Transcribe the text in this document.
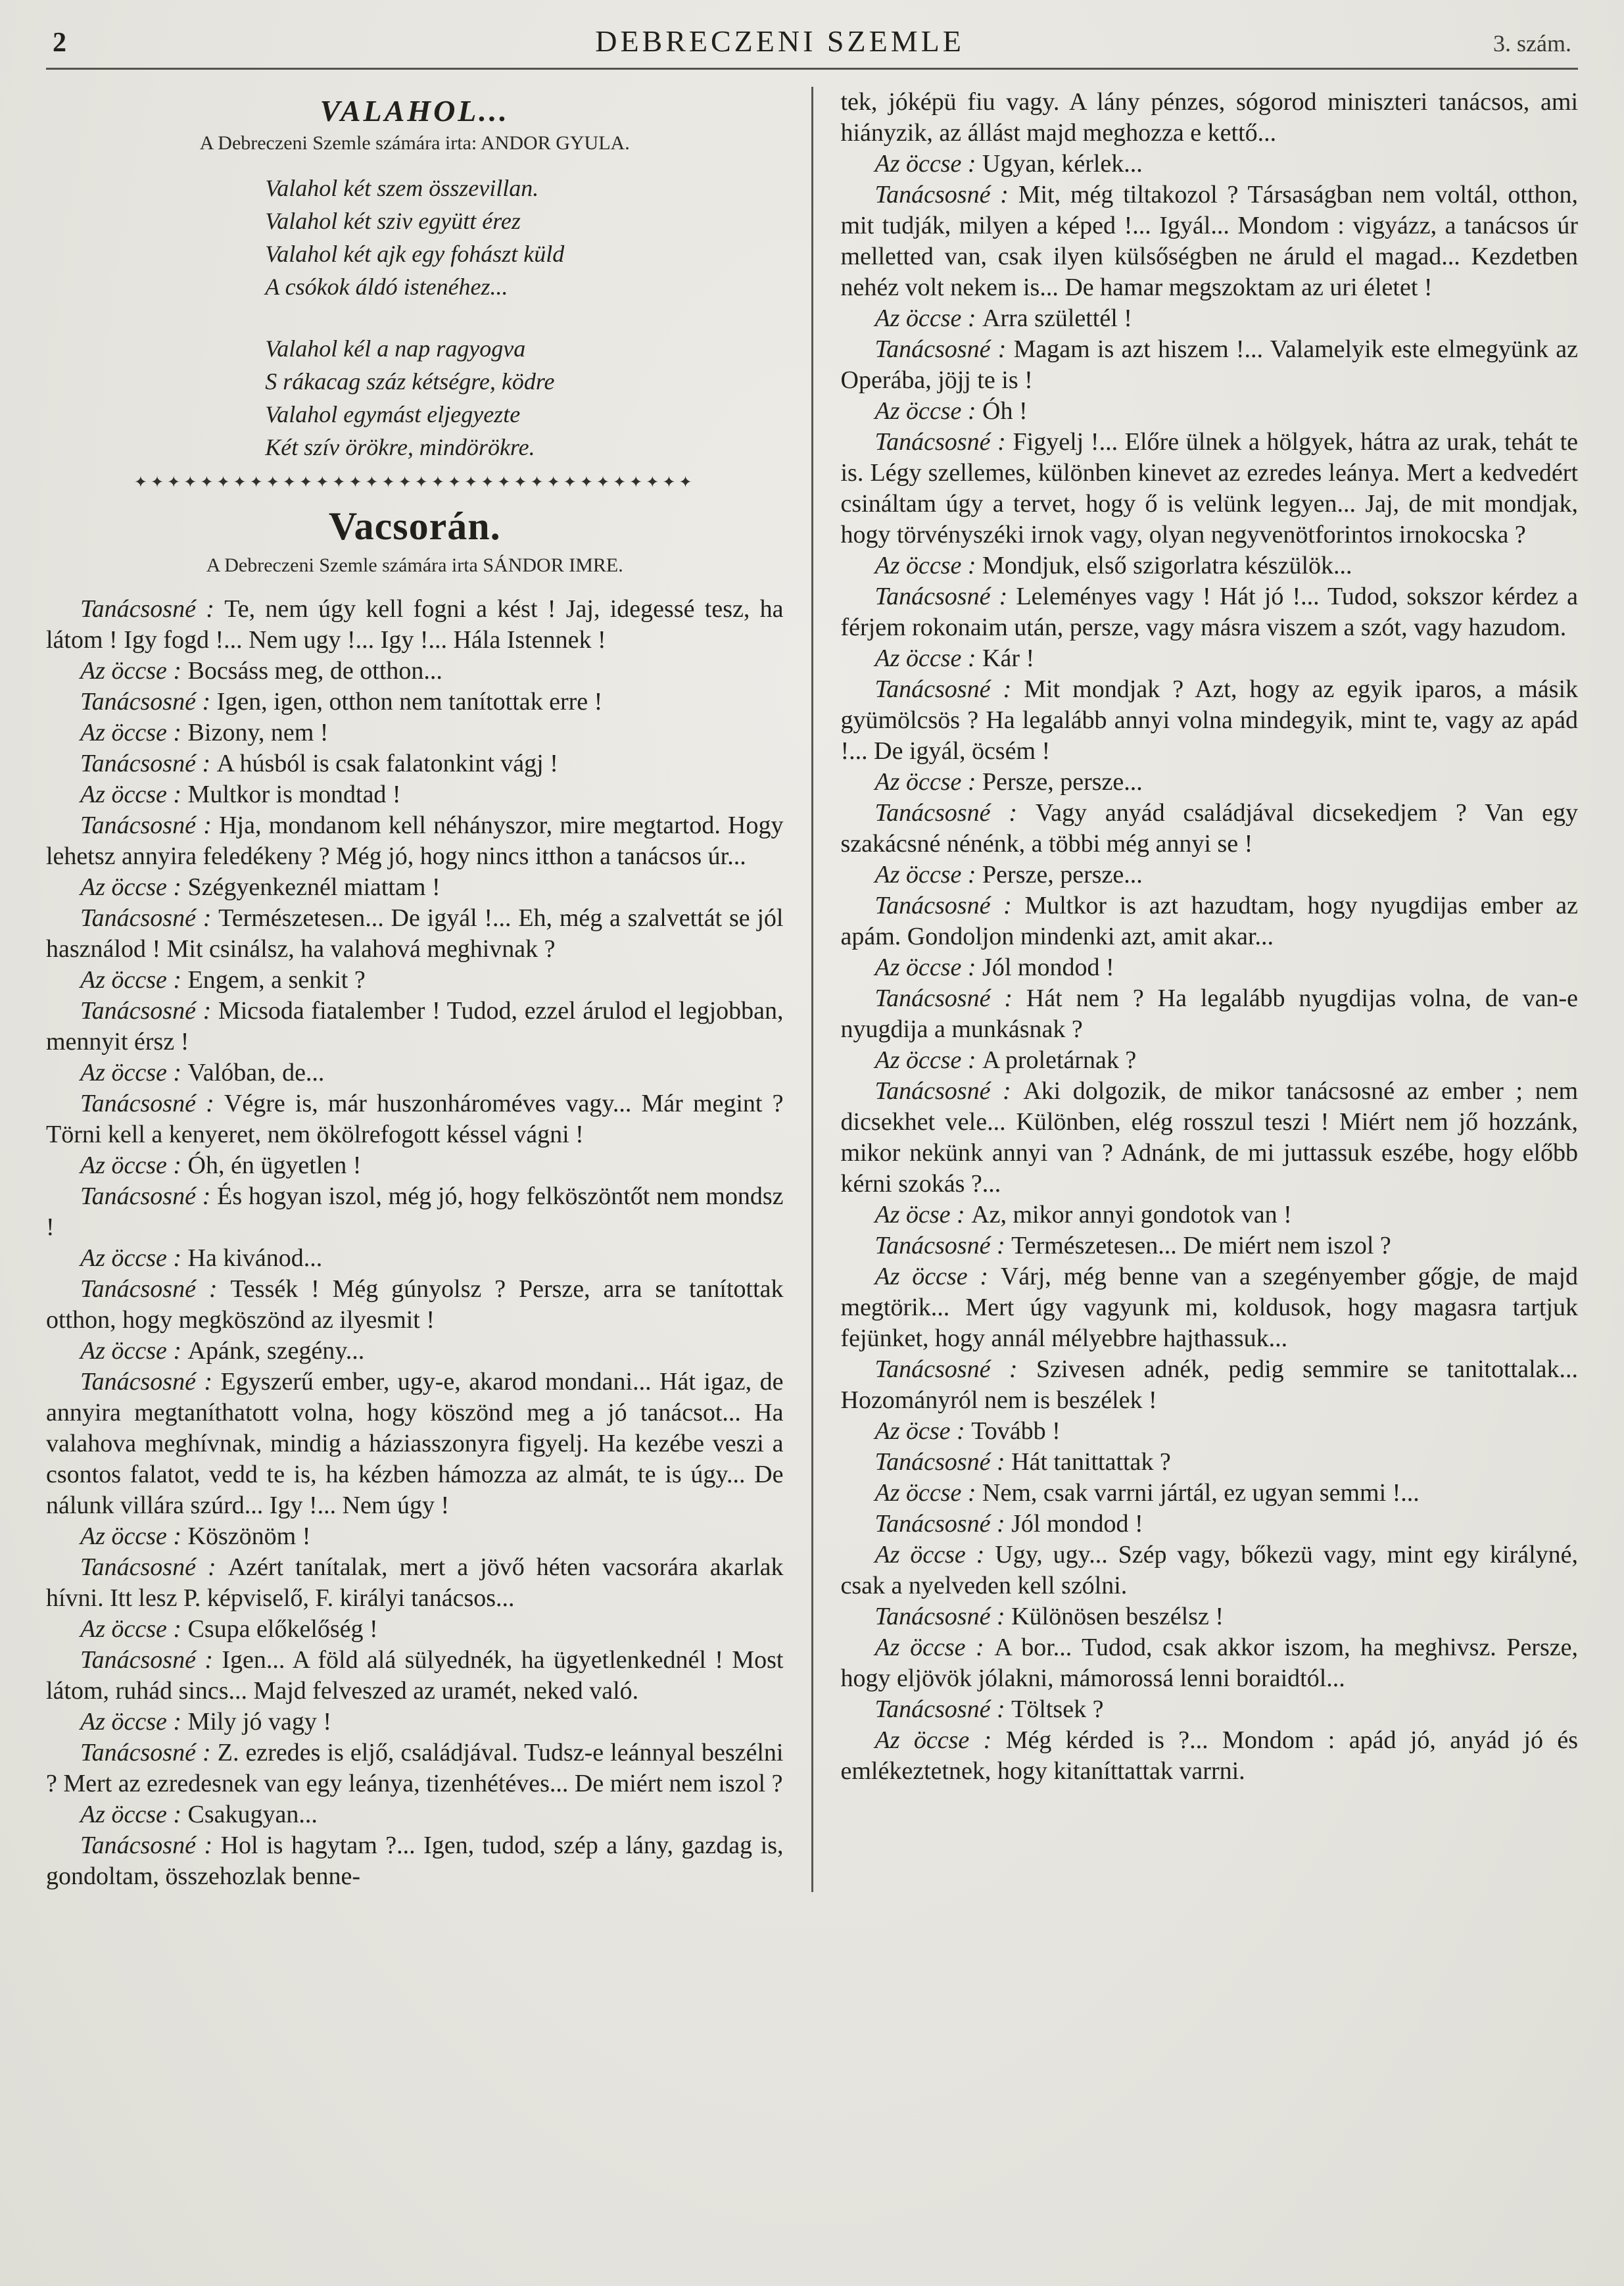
2	DEBRECZENI SZEMLE	3. szám.
VALAHOL...

A Debreczeni Szemle számára irta: ANDOR GYULA.

Valahol két szem összevillan.
Valahol két sziv együtt érez
Valahol két ajk egy fohászt küld
A csókok áldó istenéhez...
Valahol kél a nap ragyogva
S rákacag száz kétségre, ködre
Valahol egymást eljegyezte
Két szív örökre, mindörökre.
✦✦✦✦✦✦✦✦✦✦✦✦✦✦✦✦✦✦✦✦✦✦✦✦✦✦✦✦✦✦✦✦✦✦
Vacsorán.

A Debreczeni Szemle számára irta SÁNDOR IMRE.

Tanácsosné : Te, nem úgy kell fogni a kést ! Jaj, idegessé tesz, ha látom ! Igy fogd !... Nem ugy !... Igy !... Hála Istennek !

Az öccse : Bocsáss meg, de otthon...

Tanácsosné : Igen, igen, otthon nem tanítottak erre !

Az öccse : Bizony, nem !

Tanácsosné : A húsból is csak falatonkint vágj !

Az öccse : Multkor is mondtad !

Tanácsosné : Hja, mondanom kell néhányszor, mire megtartod. Hogy lehetsz annyira feledékeny ? Még jó, hogy nincs itthon a tanácsos úr...

Az öccse : Szégyenkeznél miattam !

Tanácsosné : Természetesen... De igyál !... Eh, még a szalvettát se jól használod ! Mit csinálsz, ha valahová meghivnak ?

Az öccse : Engem, a senkit ?

Tanácsosné : Micsoda fiatalember ! Tudod, ezzel árulod el legjobban, mennyit érsz !

Az öccse : Valóban, de...

Tanácsosné : Végre is, már huszonhároméves vagy... Már megint ? Törni kell a kenyeret, nem ökölrefogott késsel vágni !

Az öccse : Óh, én ügyetlen !

Tanácsosné : És hogyan iszol, még jó, hogy felköszöntőt nem mondsz !

Az öccse : Ha kivánod...

Tanácsosné : Tessék ! Még gúnyolsz ? Persze, arra se tanítottak otthon, hogy megköszönd az ilyesmit !

Az öccse : Apánk, szegény...

Tanácsosné : Egyszerű ember, ugy-e, akarod mondani... Hát igaz, de annyira megtaníthatott volna, hogy köszönd meg a jó tanácsot... Ha valahova meghívnak, mindig a háziasszonyra figyelj. Ha kezébe veszi a csontos falatot, vedd te is, ha kézben hámozza az almát, te is úgy... De nálunk villára szúrd... Igy !... Nem úgy !

Az öccse : Köszönöm !

Tanácsosné : Azért tanítalak, mert a jövő héten vacsorára akarlak hívni. Itt lesz P. képviselő, F. királyi tanácsos...

Az öccse : Csupa előkelőség !

Tanácsosné : Igen... A föld alá sülyednék, ha ügyetlenkednél ! Most látom, ruhád sincs... Majd felveszed az uramét, neked való.

Az öccse : Mily jó vagy !

Tanácsosné : Z. ezredes is eljő, családjával. Tudsz-e leánnyal beszélni ? Mert az ezredesnek van egy leánya, tizenhétéves... De miért nem iszol ?

Az öccse : Csakugyan...

Tanácsosné : Hol is hagytam ?... Igen, tudod, szép a lány, gazdag is, gondoltam, összehozlak benne-

tek, jóképü fiu vagy. A lány pénzes, sógorod miniszteri tanácsos, ami hiányzik, az állást majd meghozza e kettő...

Az öccse : Ugyan, kérlek...

Tanácsosné : Mit, még tiltakozol ? Társaságban nem voltál, otthon, mit tudják, milyen a képed !... Igyál... Mondom : vigyázz, a tanácsos úr melletted van, csak ilyen külsőségben ne áruld el magad... Kezdetben nehéz volt nekem is... De hamar megszoktam az uri életet !

Az öccse : Arra születtél !

Tanácsosné : Magam is azt hiszem !... Valamelyik este elmegyünk az Operába, jöjj te is !

Az öccse : Óh !

Tanácsosné : Figyelj !... Előre ülnek a hölgyek, hátra az urak, tehát te is. Légy szellemes, különben kinevet az ezredes leánya. Mert a kedvedért csináltam úgy a tervet, hogy ő is velünk legyen... Jaj, de mit mondjak, hogy törvényszéki irnok vagy, olyan negyvenötforintos irnokocska ?

Az öccse : Mondjuk, első szigorlatra készülök...

Tanácsosné : Leleményes vagy ! Hát jó !... Tudod, sokszor kérdez a férjem rokonaim után, persze, vagy másra viszem a szót, vagy hazudom.

Az öccse : Kár !

Tanácsosné : Mit mondjak ? Azt, hogy az egyik iparos, a másik gyümölcsös ? Ha legalább annyi volna mindegyik, mint te, vagy az apád !... De igyál, öcsém !

Az öccse : Persze, persze...

Tanácsosné : Vagy anyád családjával dicsekedjem ? Van egy szakácsné nénénk, a többi még annyi se !

Az öccse : Persze, persze...

Tanácsosné : Multkor is azt hazudtam, hogy nyugdijas ember az apám. Gondoljon mindenki azt, amit akar...

Az öccse : Jól mondod !

Tanácsosné : Hát nem ? Ha legalább nyugdijas volna, de van-e nyugdija a munkásnak ?

Az öccse : A proletárnak ?

Tanácsosné : Aki dolgozik, de mikor tanácsosné az ember ; nem dicsekhet vele... Különben, elég rosszul teszi ! Miért nem jő hozzánk, mikor nekünk annyi van ? Adnánk, de mi juttassuk eszébe, hogy előbb kérni szokás ?...

Az öcse : Az, mikor annyi gondotok van !

Tanácsosné : Természetesen... De miért nem iszol ?

Az öccse : Várj, még benne van a szegényember gőgje, de majd megtörik... Mert úgy vagyunk mi, koldusok, hogy magasra tartjuk fejünket, hogy annál mélyebbre hajthassuk...

Tanácsosné : Szivesen adnék, pedig semmire se tanitottalak... Hozományról nem is beszélek !

Az öcse : Tovább !

Tanácsosné : Hát tanittattak ?

Az öccse : Nem, csak varrni jártál, ez ugyan semmi !...

Tanácsosné : Jól mondod !

Az öccse : Ugy, ugy... Szép vagy, bőkezü vagy, mint egy királyné, csak a nyelveden kell szólni.

Tanácsosné : Különösen beszélsz !

Az öccse : A bor... Tudod, csak akkor iszom, ha meghivsz. Persze, hogy eljövök jólakni, mámorossá lenni boraidtól...

Tanácsosné : Töltsek ?

Az öccse : Még kérded is ?... Mondom : apád jó, anyád jó és emlékeztetnek, hogy kitaníttattak varrni.
